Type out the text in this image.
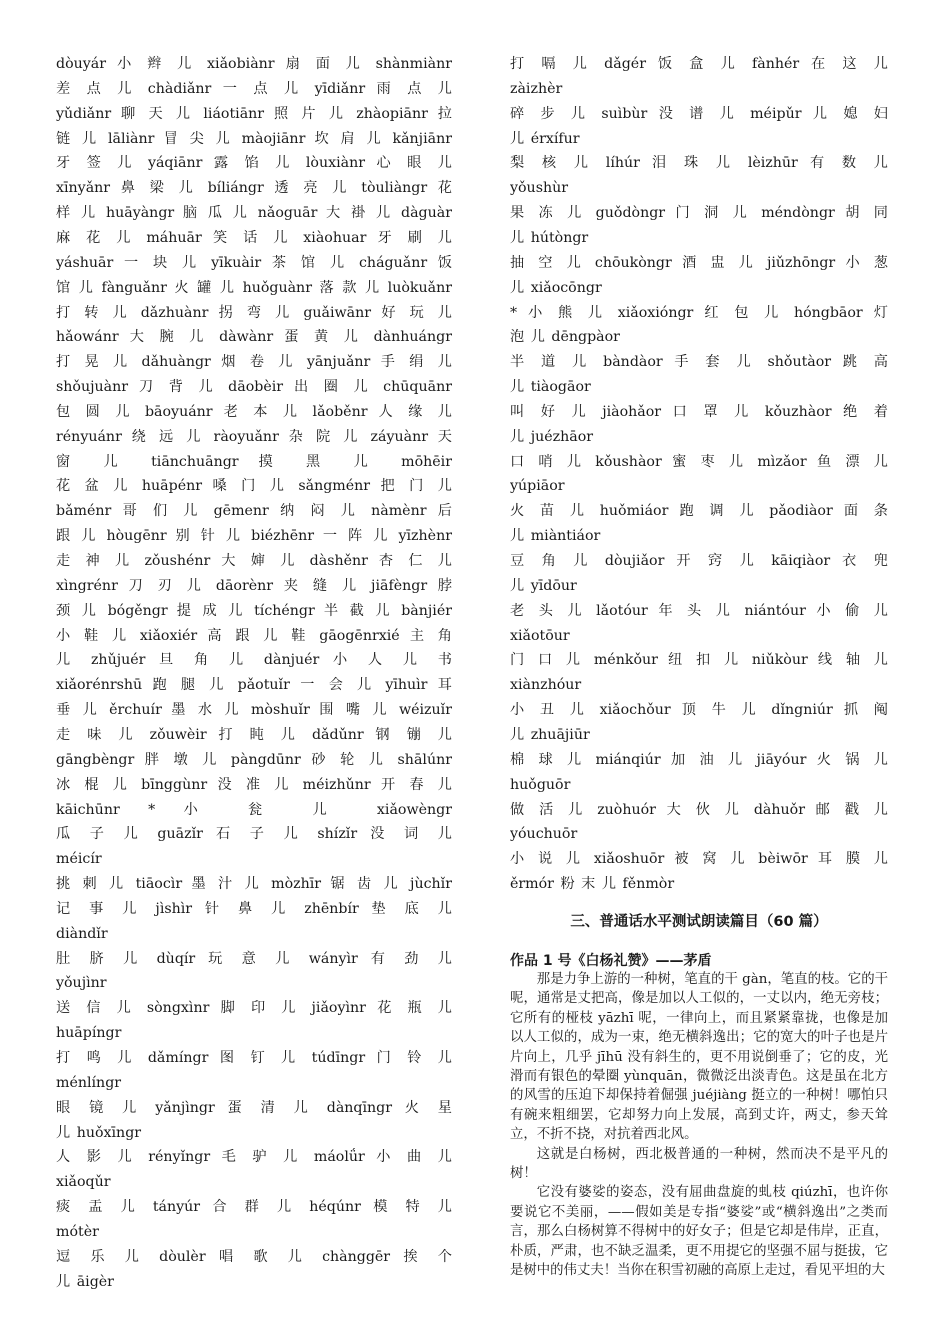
dòuyár 小 辫 儿 xiǎobiànr 扇 面 儿 shànmiànr
差 点 儿 chàdiǎnr 一 点 儿 yīdiǎnr 雨 点 儿
yǔdiǎnr 聊 天 儿 liáotiānr 照 片 儿 zhàopiānr 拉
链 儿 lāliànr 冒 尖 儿 màojiānr 坎 肩 儿 kǎnjiānr
牙 签 儿 yáqiānr 露 馅 儿 lòuxiànr 心 眼 儿
xīnyǎnr 鼻 梁 儿 bíliángr 透 亮 儿 tòuliàngr 花
样 儿 huāyàngr 脑 瓜 儿 nǎoguār 大 褂 儿 dàguàr
麻 花 儿 máhuār 笑 话 儿 xiàohuar 牙 刷 儿
yáshuār 一 块 儿 yīkuàir 茶 馆 儿 cháguǎnr 饭
馆 儿 fànguǎnr 火 罐 儿 huǒguànr 落 款 儿 luòkuǎnr
打 转 儿 dǎzhuànr 拐 弯 儿 guǎiwānr 好 玩 儿
hǎowánr 大 腕 儿 dàwànr 蛋 黄 儿 dànhuángr
打 晃 儿 dǎhuàngr 烟 卷 儿 yānjuǎnr 手 绢 儿
shǒujuànr 刀 背 儿 dāobèir 出 圈 儿 chūquānr
包 圆 儿 bāoyuánr 老 本 儿 lǎoběnr 人 缘 儿
rényuánr 绕 远 儿 ràoyuǎnr 杂 院 儿 záyuànr 天
窗 儿 tiānchuāngr 摸 黑 儿 mōhēir
花 盆 儿 huāpénr 嗓 门 儿 sǎngménr 把 门 儿
bǎménr 哥 们 儿 gēmenr 纳 闷 儿 nàmènr 后
跟 儿 hòugēnr 别 针 儿 biézhēnr 一 阵 儿 yīzhènr
走 神 儿 zǒushénr 大 婶 儿 dàshěnr 杏 仁 儿
xìngrénr 刀 刃 儿 dāorènr 夹 缝 儿 jiāfèngr 脖
颈 儿 bógěngr 提 成 儿 tíchéngr 半 截 儿 bànjiér
小 鞋 儿 xiǎoxiér 高 跟 儿 鞋 gāogēnrxié 主 角
儿 zhǔjuér 旦 角 儿 dànjuér 小 人 儿 书
xiǎorénrshū 跑 腿 儿 pǎotuǐr 一 会 儿 yīhuìr 耳
垂 儿 ěrchuír 墨 水 儿 mòshuǐr 围 嘴 儿 wéizuǐr
走 味 儿 zǒuwèir 打 盹 儿 dǎdǔnr 钢 镚 儿
gāngbèngr 胖 墩 儿 pàngdūnr 砂 轮 儿 shālúnr
冰 棍 儿 bīnggùnr 没 准 儿 méizhǔnr 开 春 儿
kāichūnr * 小 瓮 儿 xiǎowèngr
瓜 子 儿 guāzǐr 石 子 儿 shízǐr 没 词 儿
méicír
挑 刺 儿 tiāocìr 墨 汁 儿 mòzhīr 锯 齿 儿 jùchǐr
记 事 儿 jìshìr 针 鼻 儿 zhēnbír 垫 底 儿
diàndǐr
肚 脐 儿 dùqír 玩 意 儿 wányìr 有 劲 儿
yǒujìnr
送 信 儿 sòngxìnr 脚 印 儿 jiǎoyìnr 花 瓶 儿
huāpíngr
打 鸣 儿 dǎmíngr 图 钉 儿 túdīngr 门 铃 儿
ménlíngr
眼 镜 儿 yǎnjìngr 蛋 清 儿 dànqīngr 火 星
儿 huǒxīngr
人 影 儿 rényǐngr 毛 驴 儿 máolǘr 小 曲 儿
xiǎoqǔr
痰 盂 儿 tányúr 合 群 儿 héqúnr 模 特 儿
mótèr
逗 乐 儿 dòulèr 唱 歌 儿 chànggēr 挨 个
儿 āigèr
三、普通话水平测试朗读篇目（60 篇）
作品 1 号《白杨礼赞》——茅盾

那是力争上游的一种树，笔直的干 gàn，笔直的枝。它的干呢，通常是丈把高，像是加以人工似的，一丈以内，绝无旁枝；它所有的桠枝 yāzhī 呢，一律向上，而且紧紧靠拢，也像是加以人工似的，成为一束，绝无横斜逸出；它的宽大的叶子也是片片向上，几乎 jīhū 没有斜生的，更不用说倒垂了；它的皮，光滑而有银色的晕圈 yùnquān，微微泛出淡青色。这是虽在北方的风雪的压迫下却保持着倔强 juéjiàng 挺立的一种树！哪怕只有碗来粗细罢，它却努力向上发展，高到丈许，两丈，参天耸立，不折不挠，对抗着西北风。

这就是白杨树，西北极普通的一种树，然而决不是平凡的树！

它没有婆娑的姿态，没有屈曲盘旋的虬枝 qiúzhī，也许你要说它不美丽，——假如美是专指“婆娑”或“横斜逸出”之类而言，那么白杨树算不得树中的好女子；但是它却是伟岸，正直，朴质，严肃，也不缺乏温柔，更不用提它的坚强不屈与挺拔，它是树中的伟丈夫！当你在积雪初融的高原上走过，看见平坦的大

打 嗝 儿 dǎgér 饭 盒 儿 fànhér 在 这 儿
zàizhèr
碎 步 儿 suìbùr 没 谱 儿 méipǔr 儿 媳 妇
儿 érxífur
梨 核 儿 líhúr 泪 珠 儿 lèizhūr 有 数 儿
yǒushùr
果 冻 儿 guǒdòngr 门 洞 儿 méndòngr 胡 同
儿 hútòngr
抽 空 儿 chōukòngr 酒 盅 儿 jiǔzhōngr 小 葱
儿 xiǎocōngr
* 小 熊 儿 xiǎoxióngr 红 包 儿 hóngbāor 灯
泡 儿 dēngpàor
半 道 儿 bàndàor 手 套 儿 shǒutàor 跳 高
儿 tiàogāor
叫 好 儿 jiàohǎor 口 罩 儿 kǒuzhàor 绝 着
儿 juézhāor
口 哨 儿 kǒushàor 蜜 枣 儿 mìzǎor 鱼 漂 儿
yúpiāor
火 苗 儿 huǒmiáor 跑 调 儿 pǎodiàor 面 条
儿 miàntiáor
豆 角 儿 dòujiǎor 开 窍 儿 kāiqiàor 衣 兜
儿 yīdōur
老 头 儿 lǎotóur 年 头 儿 niántóur 小 偷 儿
xiǎotōur
门 口 儿 ménkǒur 纽 扣 儿 niǔkòur 线 轴 儿
xiànzhóur
小 丑 儿 xiǎochǒur 顶 牛 儿 dǐngniúr 抓 阄
儿 zhuājiūr
棉 球 儿 miánqiúr 加 油 儿 jiāyóur 火 锅 儿
huǒguōr
做 活 儿 zuòhuór 大 伙 儿 dàhuǒr 邮 戳 儿
yóuchuōr
小 说 儿 xiǎoshuōr 被 窝 儿 bèiwōr 耳 膜 儿
ěrmór 粉 末 儿 fěnmòr
